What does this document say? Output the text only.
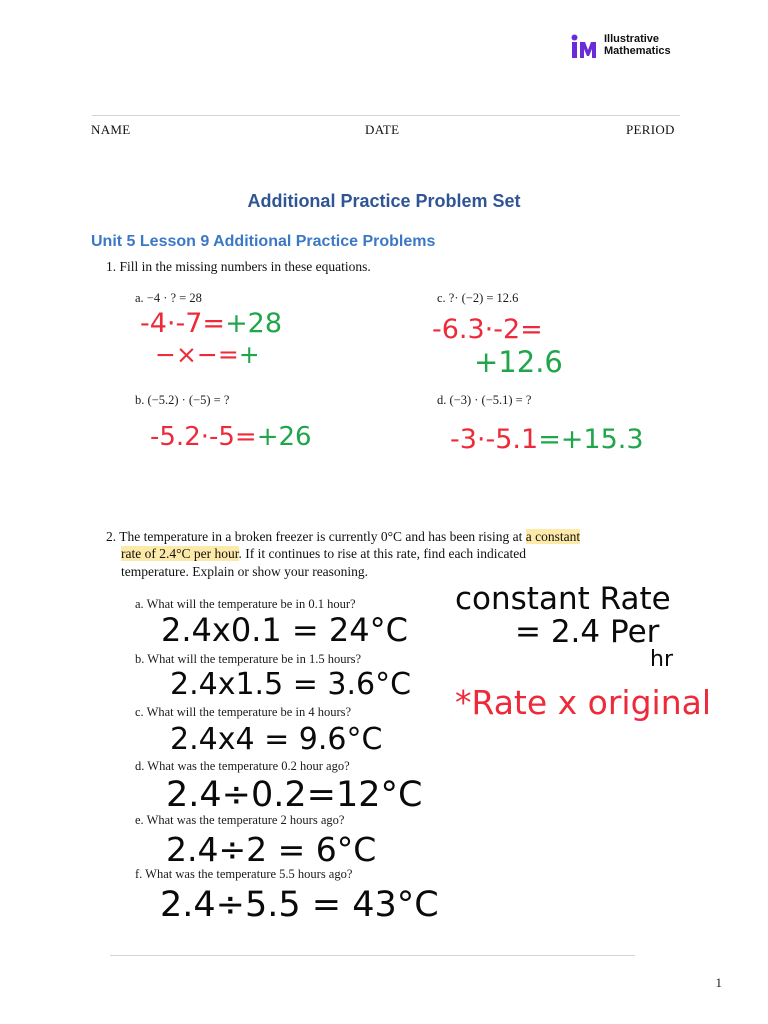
Illustrative
Mathematics
NAME	DATE	PERIOD
Additional Practice Problem Set
Unit 5 Lesson 9 Additional Practice Problems
1. Fill in the missing numbers in these equations.
a. −4 · ? = 28
-4·-7=+28
−×−=+
c. ?· (−2) = 12.6
-6.3·-2=
+12.6
b. (−5.2) · (−5) = ?
-5.2·-5=+26
d. (−3) · (−5.1) = ?
-3·-5.1=+15.3
2. The temperature in a broken freezer is currently 0°C and has been rising at a constant
rate of 2.4°C per hour. If it continues to rise at this rate, find each indicated
temperature. Explain or show your reasoning.
a. What will the temperature be in 0.1 hour?
2.4x0.1 = 24°C
b. What will the temperature be in 1.5 hours?
2.4x1.5 = 3.6°C
c. What will the temperature be in 4 hours?
2.4x4 = 9.6°C
d. What was the temperature 0.2 hour ago?
2.4÷0.2=12°C
e. What was the temperature 2 hours ago?
2.4÷2 = 6°C
f. What was the temperature 5.5 hours ago?
2.4÷5.5 = 43°C
constant Rate
= 2.4 Per
hr
*Rate x original
1
